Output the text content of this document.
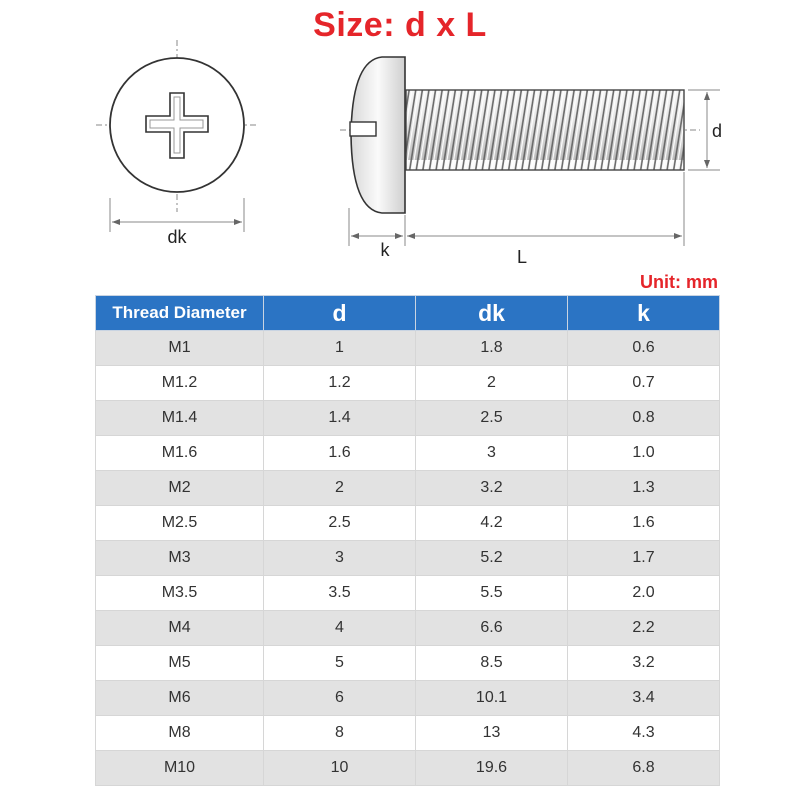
Size: d x L
dk
d
k	L
Unit: mm
Thread Diameter	d	dk	k
M1	1	1.8	0.6
M1.2	1.2	2	0.7
M1.4	1.4	2.5	0.8
M1.6	1.6	3	1.0
M2	2	3.2	1.3
M2.5	2.5	4.2	1.6
M3	3	5.2	1.7
M3.5	3.5	5.5	2.0
M4	4	6.6	2.2
M5	5	8.5	3.2
M6	6	10.1	3.4
M8	8	13	4.3
M10	10	19.6	6.8
